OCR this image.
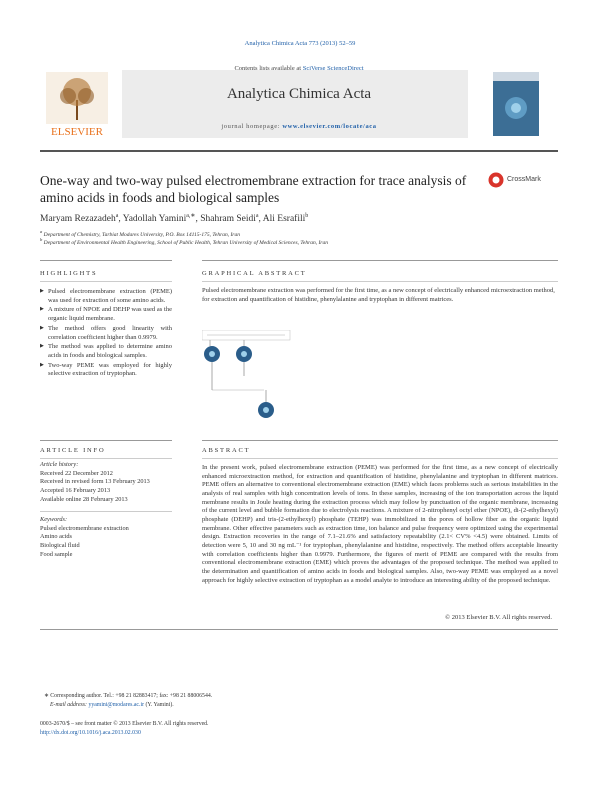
Analytica Chimica Acta 773 (2013) 52–59
ELSEVIER
Contents lists available at SciVerse ScienceDirect
Analytica Chimica Acta
journal homepage: www.elsevier.com/locate/aca
One-way and two-way pulsed electromembrane extraction for trace analysis of amino acids in foods and biological samples
CrossMark
Maryam Rezazadeh$^a$, Yadollah Yamini$^{a,∗}$, Shahram Seidi$^a$, Ali Esrafili$^b$
$^a$ Department of Chemistry, Tarbiat Modares University, P.O. Box 14115-175, Tehran, Iran
$^b$ Department of Environmental Health Engineering, School of Public Health, Tehran University of Medical Sciences, Tehran, Iran
HIGHLIGHTS
▶ Pulsed electromembrane extraction (PEME) was used for extraction of some amino acids.
▶ A mixture of NPOE and DEHP was used as the organic liquid membrane.
▶ The method offers good linearity with correlation coefficient higher than 0.9979.
▶ The method was applied to determine amino acids in foods and biological samples.
▶ Two-way PEME was employed for highly selective extraction of tryptophan.
GRAPHICAL ABSTRACT
Pulsed electromembrane extraction was performed for the first time, as a new concept of electrically enhanced microextraction method, for extraction and quantification of histidine, phenylalanine and tryptophan in different matrices.
ARTICLE INFO
Article history:
Received 22 December 2012
Received in revised form 13 February 2013
Accepted 16 February 2013
Available online 28 February 2013
Keywords:
Pulsed electromembrane extraction
Amino acids
Biological fluid
Food sample
ABSTRACT
In the present work, pulsed electromembrane extraction (PEME) was performed for the first time, as a new concept of electrically enhanced microextraction method, for extraction and quantification of histidine, phenylalanine and tryptophan in different matrices. PEME offers an alternative to conventional electromembrane extraction (EME) which faces problems such as serious instabilities in the analysis of real samples with high concentration levels of ions. In these samples, increasing of the ion transportation across the liquid membrane results in Joule heating during the extraction process which may follow by punctuation of the organic membrane, increasing of the current level and bubble formation due to electrolysis reactions. A mixture of 2-nitrophenyl octyl ether (NPOE), di-(2-ethylhexyl) phosphate (DEHP) and tris-(2-ethylhexyl) phosphate (TEHP) was immobilized in the pores of hollow fiber as the organic liquid membrane. Other effective parameters such as extraction time, ion balance and pulse frequency were optimized using the experimental design. Extraction recoveries in the range of 7.1–21.6% and satisfactory repeatability (2.1< CV% <4.5) were obtained. Limits of detection were 5, 10 and 30 ng mL⁻¹ for tryptophan, phenylalanine and histidine, respectively. The method offers acceptable linearity with correlation coefficients higher than 0.9979. Furthermore, the figures of merit of PEME are compared with the results from conventional electromembrane extraction (EME) which proves the advantages of the proposed technique. The method was applied to the determination and quantification of amino acids in foods and biological samples. Also, two-way PEME was employed as a novel approach for highly selective extraction of tryptophan as a model analyte to introduce an interesting ability of the proposed technique.
© 2013 Elsevier B.V. All rights reserved.
∗ Corresponding author. Tel.: +98 21 82883417; fax: +98 21 88006544.
E-mail address: yyamini@modares.ac.ir (Y. Yamini).
0003-2670/$ – see front matter © 2013 Elsevier B.V. All rights reserved.
http://dx.doi.org/10.1016/j.aca.2013.02.030
